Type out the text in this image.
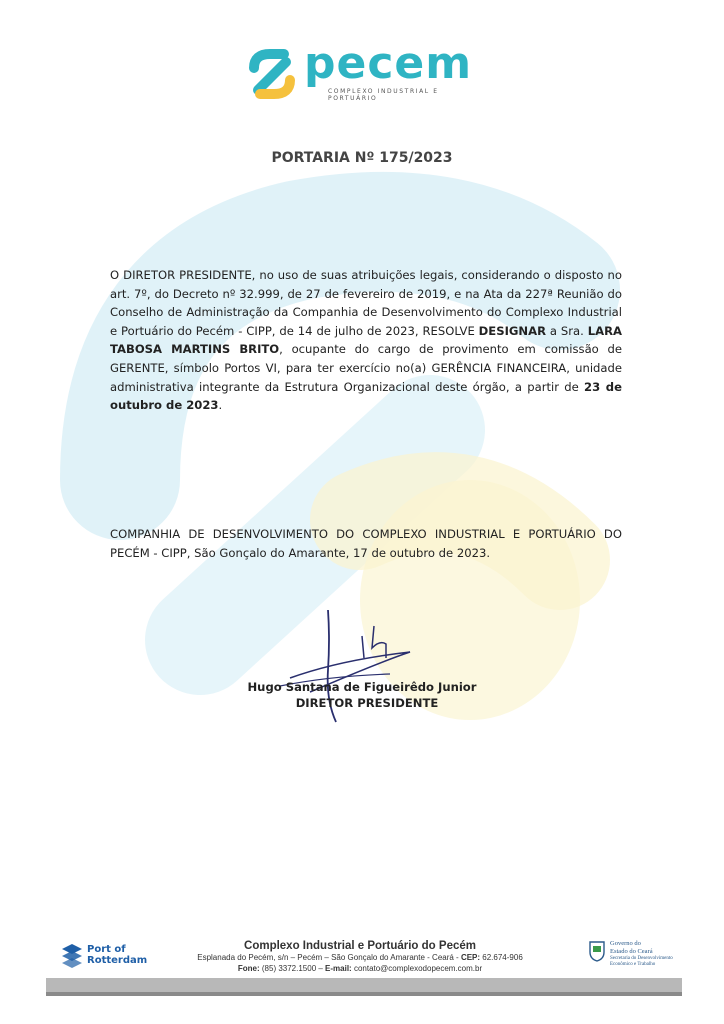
pecem
COMPLEXO INDUSTRIAL E PORTUÁRIO
PORTARIA Nº 175/2023
O DIRETOR PRESIDENTE, no uso de suas atribuições legais, considerando o disposto no art. 7º, do Decreto nº 32.999, de 27 de fevereiro de 2019, e na Ata da 227ª Reunião do Conselho de Administração da Companhia de Desenvolvimento do Complexo Industrial e Portuário do Pecém - CIPP, de 14 de julho de 2023, RESOLVE DESIGNAR a Sra. LARA TABOSA MARTINS BRITO, ocupante do cargo de provimento em comissão de GERENTE, símbolo Portos VI, para ter exercício no(a) GERÊNCIA FINANCEIRA, unidade administrativa integrante da Estrutura Organizacional deste órgão, a partir de 23 de outubro de 2023.
COMPANHIA DE DESENVOLVIMENTO DO COMPLEXO INDUSTRIAL E PORTUÁRIO DO PECÉM - CIPP, São Gonçalo do Amarante, 17 de outubro de 2023.
Hugo Santana de Figueirêdo Junior
DIRETOR PRESIDENTE
Port of
Rotterdam
Complexo Industrial e Portuário do Pecém
Esplanada do Pecém, s/n – Pecém – São Gonçalo do Amarante - Ceará - CEP: 62.674-906
Fone: (85) 3372.1500 – E-mail: contato@complexodopecem.com.br
Governo do
Estado do Ceará
Secretaria do Desenvolvimento
Econômico e Trabalho
